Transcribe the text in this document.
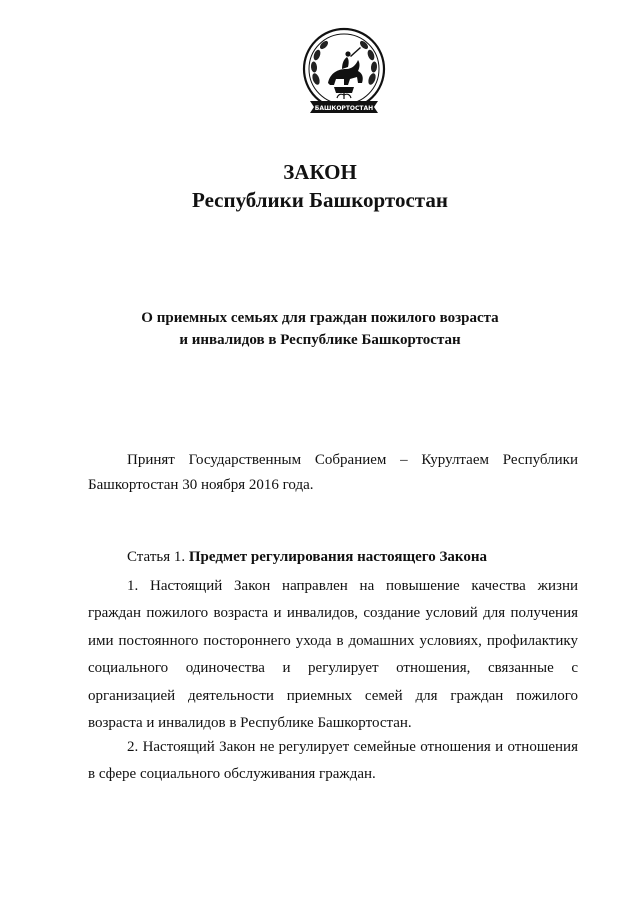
БАШКОРТОСТАН
ЗАКОН
Республики Башкортостан
О приемных семьях для граждан пожилого возраста
и инвалидов в Республике Башкортостан
Принят Государственным Собранием – Курултаем Республики Башкортостан 30 ноября 2016 года.
Статья 1. Предмет регулирования настоящего Закона
1. Настоящий Закон направлен на повышение качества жизни граждан пожилого возраста и инвалидов, создание условий для получения ими постоянного постороннего ухода в домашних условиях, профилактику социального одиночества и регулирует отношения, связанные с организацией деятельности приемных семей для граждан пожилого возраста и инвалидов в Республике Башкортостан.
2. Настоящий Закон не регулирует семейные отношения и отношения в сфере социального обслуживания граждан.
